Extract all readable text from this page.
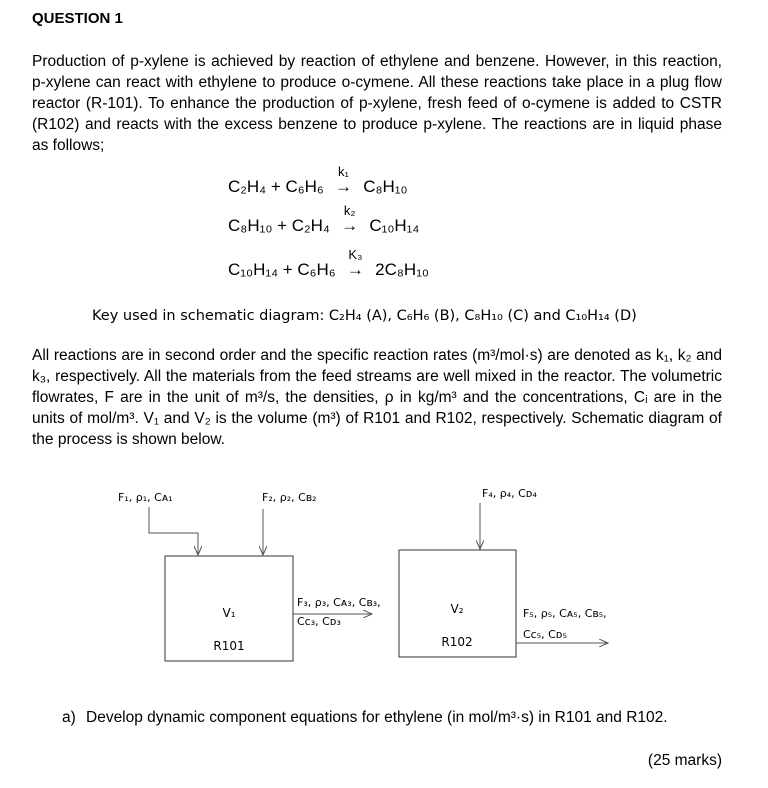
QUESTION 1
Production of p-xylene is achieved by reaction of ethylene and benzene. However, in this reaction, p-xylene can react with ethylene to produce o-cymene. All these reactions take place in a plug flow reactor (R-101). To enhance the production of p-xylene, fresh feed of o-cymene is added to CSTR (R102) and reacts with the excess benzene to produce p-xylene. The reactions are in liquid phase as follows;
C₂H₄ + C₆H₆
k₁
→ C₈H₁₀
C₈H₁₀ + C₂H₄
k₂
→ C₁₀H₁₄
C₁₀H₁₄ + C₆H₆
K₃
→ 2C₈H₁₀
Key used in schematic diagram: C₂H₄ (A), C₆H₆ (B), C₈H₁₀ (C) and C₁₀H₁₄ (D)
All reactions are in second order and the specific reaction rates (m³/mol·s) are denoted as k₁, k₂ and k₃, respectively. All the materials from the feed streams are well mixed in the reactor. The volumetric flowrates, F are in the unit of m³/s, the densities, ρ in kg/m³ and the concentrations, Cᵢ are in the units of mol/m³. V₁ and V₂ is the volume (m³) of R101 and R102, respectively. Schematic diagram of the process is shown below.
F₁, ρ₁, Cᴀ₁	F₂, ρ₂, Cʙ₂
V₁
R101
F₃, ρ₃, Cᴀ₃, Cʙ₃,
Cᴄ₃, Cᴅ₃
F₄, ρ₄, Cᴅ₄
V₂
R102
F₅, ρ₅, Cᴀ₅, Cʙ₅,
Cᴄ₅, Cᴅ₅
a) Develop dynamic component equations for ethylene (in mol/m³·s) in R101 and R102.
(25 marks)
